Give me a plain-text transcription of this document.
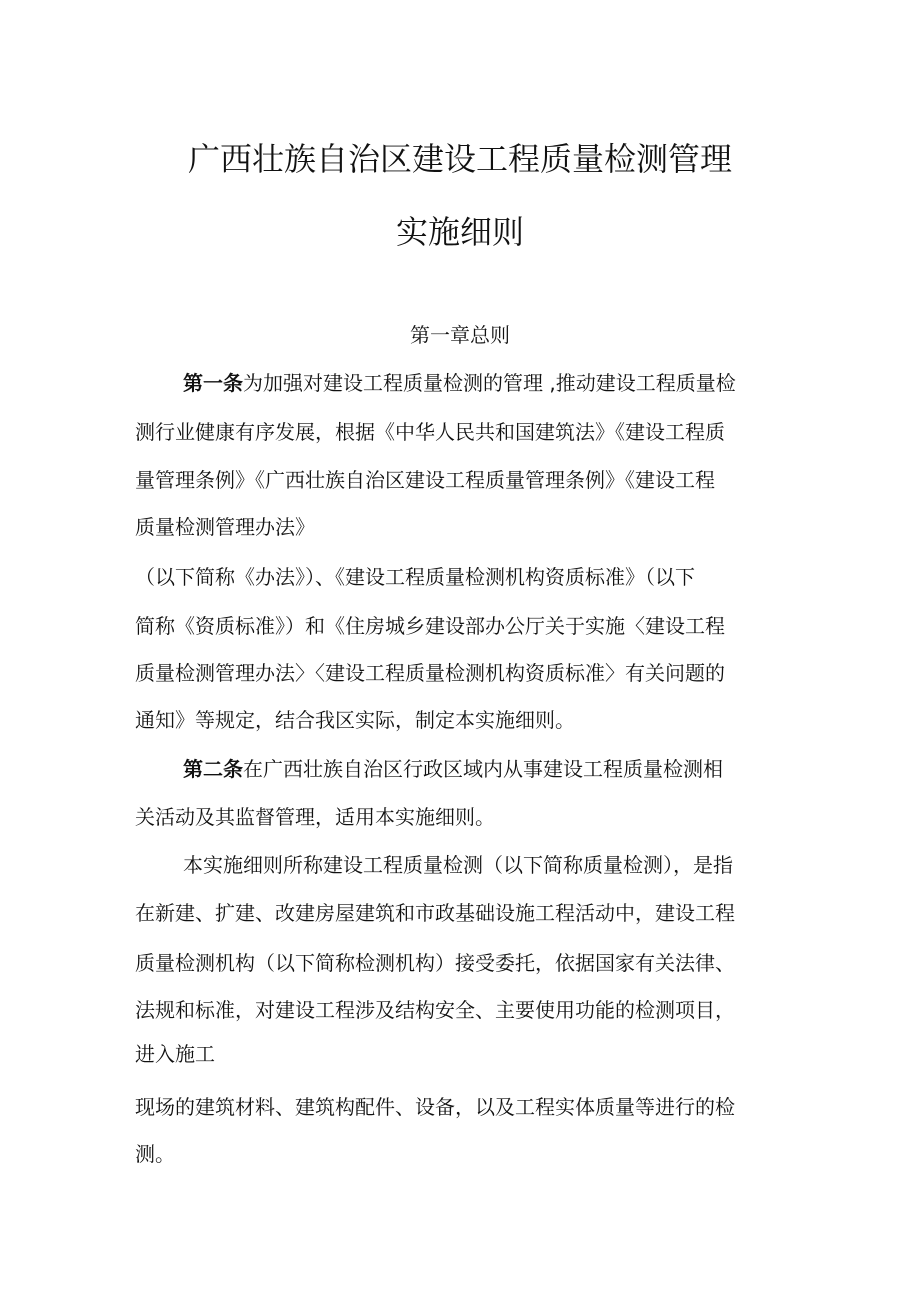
广西壮族自治区建设工程质量检测管理
实施细则
第一章总则
第一条为加强对建设工程质量检测的管理 ,推动建设工程质量检
测行业健康有序发展，根据《中华人民共和国建筑法》《建设工程质
量管理条例》《广西壮族自治区建设工程质量管理条例》《建设工程
质量检测管理办法》
（以下简称《办法》）、《建设工程质量检测机构资质标准》（以下
简称《资质标准》）和《住房城乡建设部办公厅关于实施〈建设工程
质量检测管理办法〉〈建设工程质量检测机构资质标准〉有关问题的
通知》等规定，结合我区实际，制定本实施细则。
第二条在广西壮族自治区行政区域内从事建设工程质量检测相
关活动及其监督管理，适用本实施细则。
本实施细则所称建设工程质量检测（以下简称质量检测），是指
在新建、扩建、改建房屋建筑和市政基础设施工程活动中，建设工程
质量检测机构（以下简称检测机构）接受委托，依据国家有关法律、
法规和标准，对建设工程涉及结构安全、主要使用功能的检测项目，
进入施工
现场的建筑材料、建筑构配件、设备，以及工程实体质量等进行的检
测。
